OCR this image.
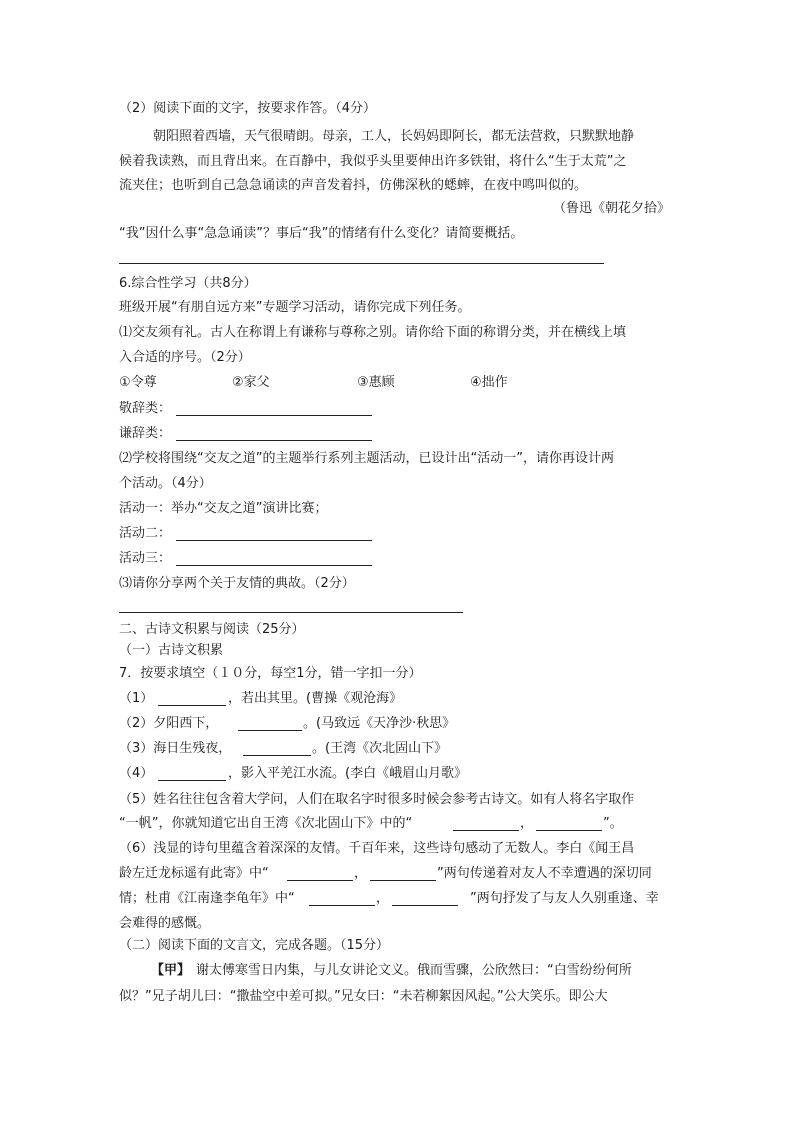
（2）阅读下面的文字，按要求作答。（4分）
朝阳照着西墙，天气很晴朗。母亲，工人，长妈妈即阿长，都无法营救，只默默地静
候着我读熟，而且背出来。在百静中，我似乎头里要伸出许多铁钳，将什么“生于太荒”之
流夹住；也听到自己急急诵读的声音发着抖，仿佛深秋的蟋蟀，在夜中鸣叫似的。
（鲁迅《朝花夕拾》
“我”因什么事“急急诵读”？事后“我”的情绪有什么变化？请简要概括。
6.综合性学习（共8分）
班级开展“有朋自远方来”专题学习活动，请你完成下列任务。
⑴交友须有礼。古人在称谓上有谦称与尊称之别。请你给下面的称谓分类，并在横线上填
入合适的序号。（2分）
①令尊	②家父	③惠顾	④拙作
敬辞类：
谦辞类：
⑵学校将围绕“交友之道”的主题举行系列主题活动，已设计出“活动一”，请你再设计两
个活动。（4分）
活动一：举办“交友之道”演讲比赛；
活动二：
活动三：
⑶请你分享两个关于友情的典故。（2分）
二、古诗文积累与阅读（25分）
（一）古诗文积累
7．按要求填空（１０分，每空1分，错一字扣一分）
（1）	，若出其里。(曹操《观沧海》
（2）夕阳西下，	。(马致远《天净沙·秋思》
（3）海日生残夜，	。(王湾《次北固山下》
（4）	，影入平羌江水流。(李白《峨眉山月歌》
（5）姓名往往包含着大学问，人们在取名字时很多时候会参考古诗文。如有人将名字取作
“一帆”，你就知道它出自王湾《次北固山下》中的“	，	”。
（6）浅显的诗句里蕴含着深深的友情。千百年来，这些诗句感动了无数人。李白《闻王昌
龄左迁龙标遥有此寄》中“	，	”两句传递着对友人不幸遭遇的深切同
情；杜甫《江南逢李龟年》中“	，	”两句抒发了与友人久别重逢、幸
会难得的感慨。
（二）阅读下面的文言文，完成各题。（15分）
【甲】 谢太傅寒雪日内集，与儿女讲论文义。俄而雪骤，公欣然曰：“白雪纷纷何所
似？”兄子胡儿曰：“撒盐空中差可拟。”兄女曰：“未若柳絮因风起。”公大笑乐。即公大
